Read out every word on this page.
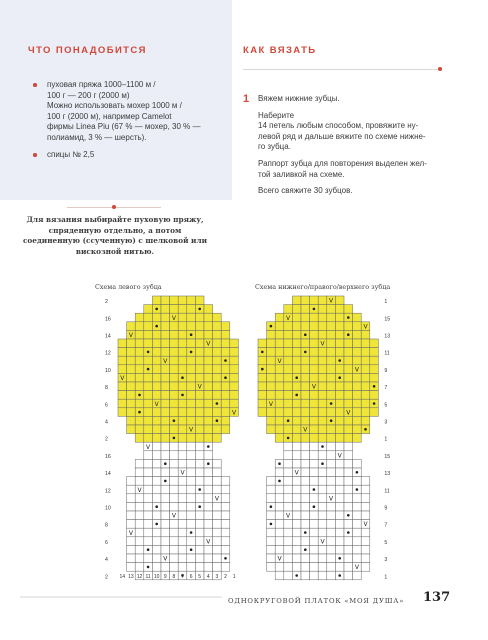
ЧТО ПОНАДОБИТСЯ
пуховая пряжа 1000–1100 м /
100 г — 200 г (2000 м)
Можно использовать мохер 1000 м /
100 г (2000 м), например Camelot
фирмы Linea Piu (67 % — мохер, 30 % —
полиамид, 3 % — шерсть).
спицы № 2,5
КАК ВЯЗАТЬ
1 Вяжем нижние зубцы.

Наберите
14 петель любым способом, провяжите ну-
левой ряд и дальше вяжите по схеме нижне-
го зубца.

Раппорт зубца для повторения выделен жел-
той заливкой на схеме.

Всего свяжите 30 зубцов.

Для вязания выбирайте пуховую пряжу, спряденную отдельно, а потом соединенную (ссученную) с шелковой или вискозной нитью.

Схема левого зубца	Схема нижнего/правого/верхнего зубца

V
V
V
V
V
V
V
V
V
V
V
V
V
V
V
V
V
2
16
14
12
10
8
6
4
2
16
14
12
10
8
6
4
2
V
V
V
V
V
V
V
V
V
V
V
V
V
V
V
V
V
V
1
15
13
11
9
7
5
3
1
15
13
11
9
7
5
3
1
14 13 12 11 10 9 8 7 6 5 4 3 2 1
ОДНОКРУГОВОЙ ПЛАТОК «МОЯ ДУША» 137
